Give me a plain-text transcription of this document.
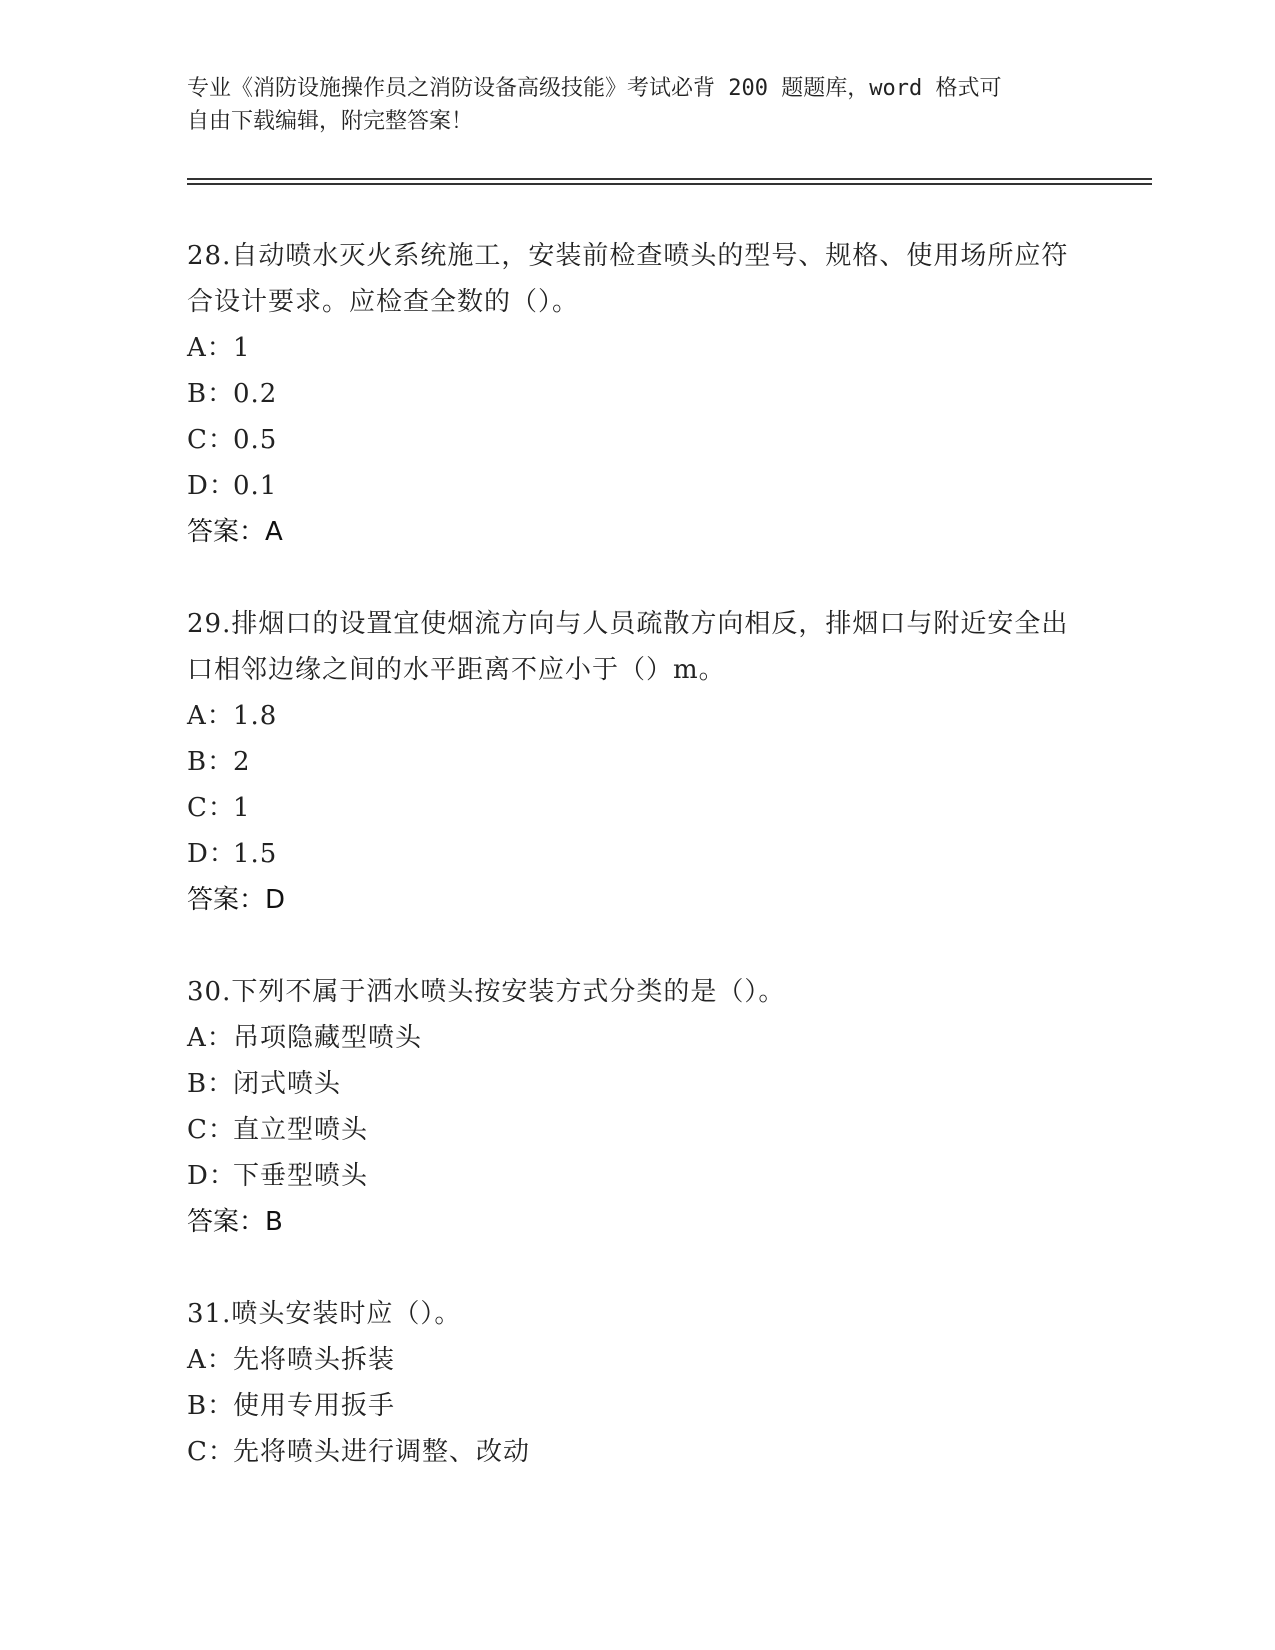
专业《消防设施操作员之消防设备高级技能》考试必背 200 题题库，word 格式可
自由下载编辑，附完整答案！
28.自动喷水灭火系统施工，安装前检查喷头的型号、规格、使用场所应符合设计要求。应检查全数的（）。
A：1
B：0.2
C：0.5
D：0.1
答案：A
29.排烟口的设置宜使烟流方向与人员疏散方向相反，排烟口与附近安全出口相邻边缘之间的水平距离不应小于（）m。
A：1.8
B：2
C：1
D：1.5
答案：D
30.下列不属于洒水喷头按安装方式分类的是（）。
A：吊项隐藏型喷头
B：闭式喷头
C：直立型喷头
D：下垂型喷头
答案：B
31.喷头安装时应（）。
A：先将喷头拆装
B：使用专用扳手
C：先将喷头进行调整、改动
